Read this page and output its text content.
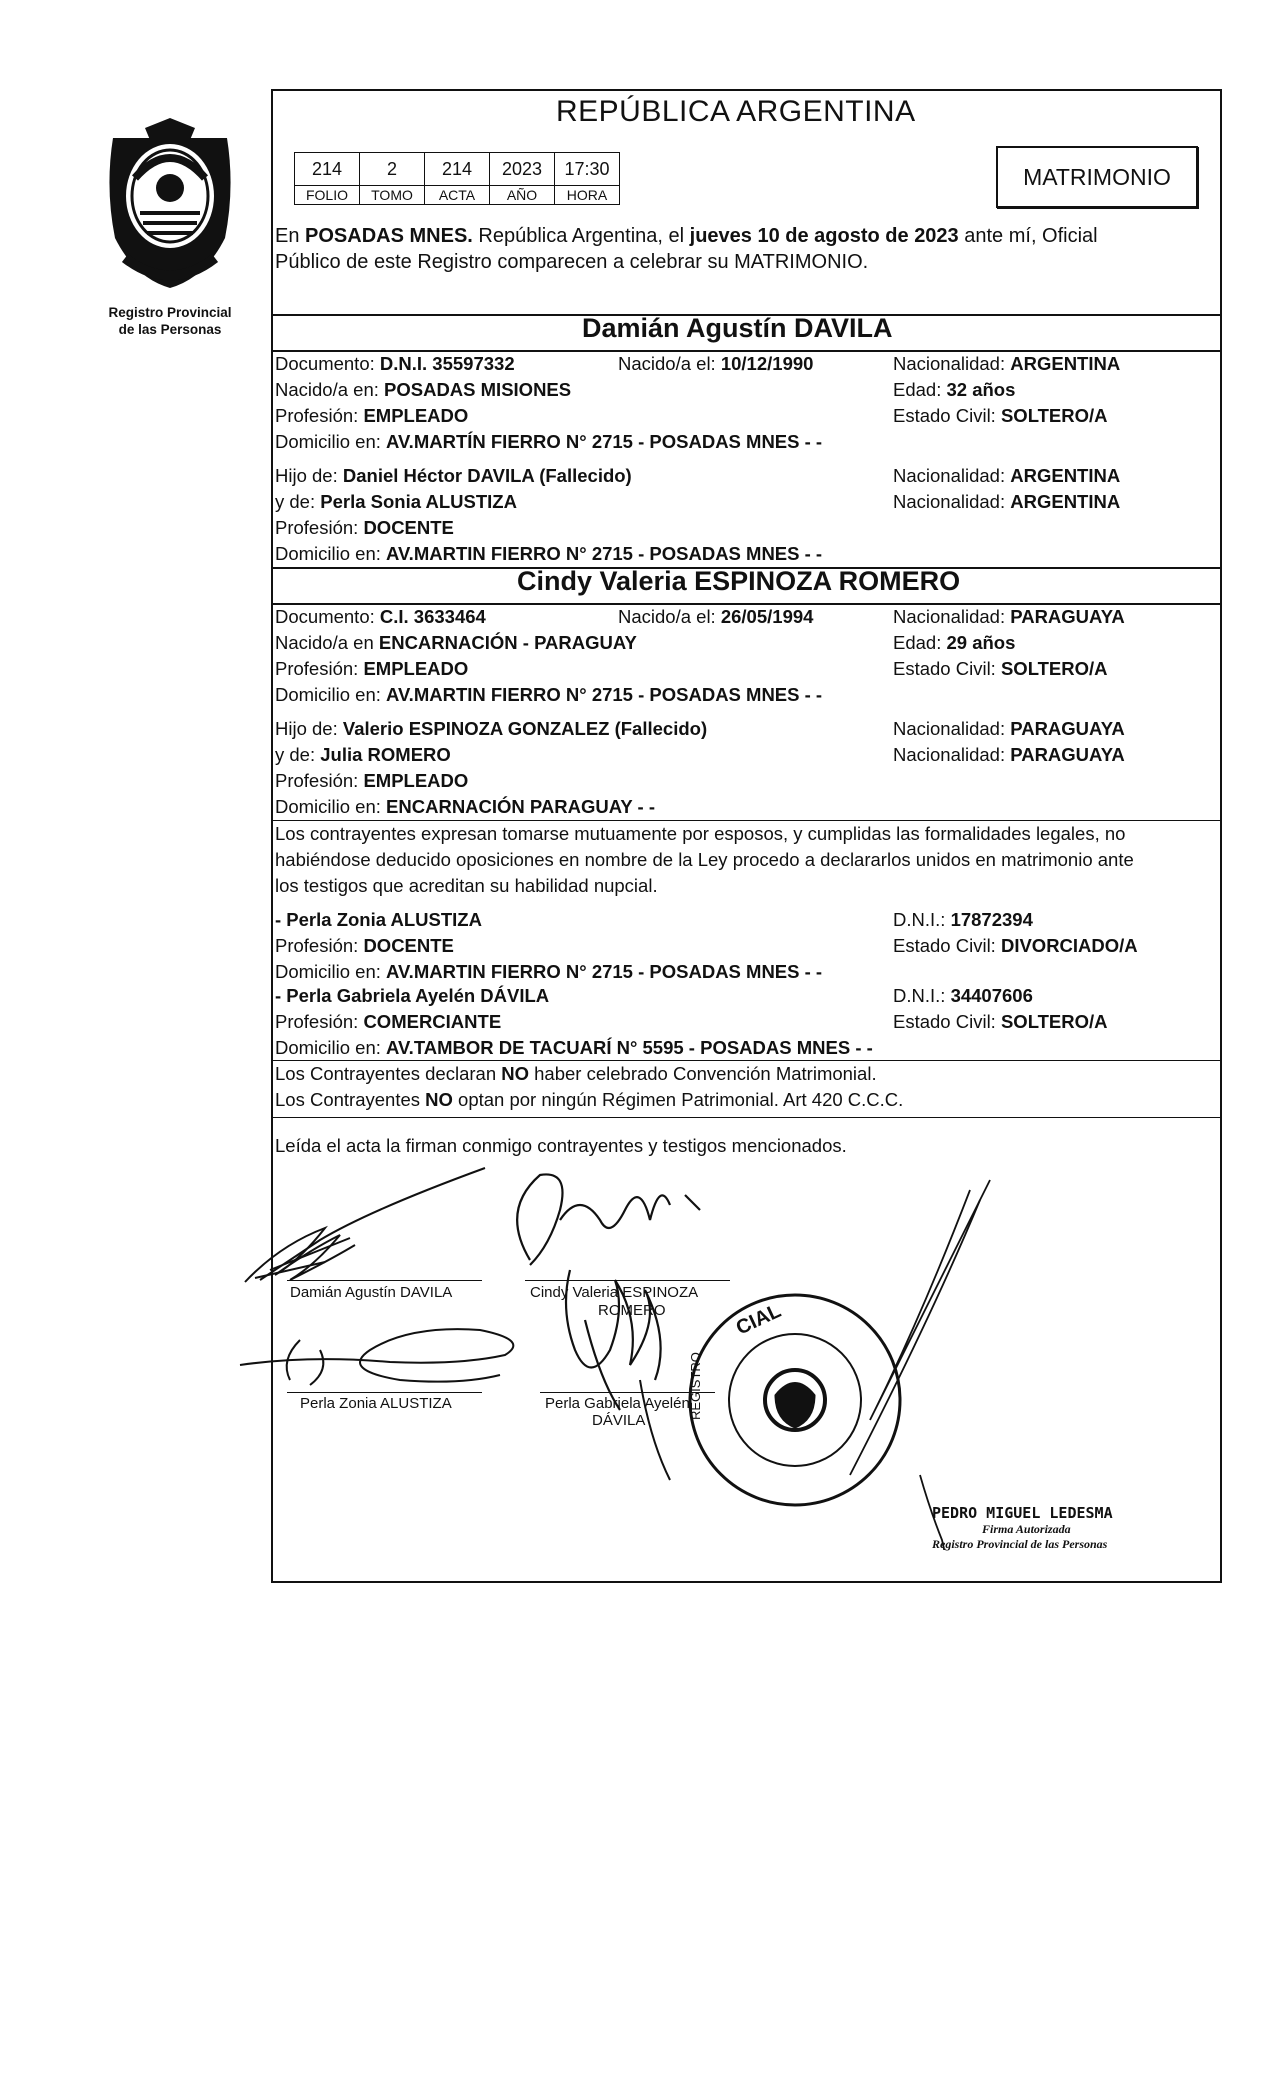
Registro Provincial
de las Personas
REPÚBLICA ARGENTINA
214	2	214	2023	17:30
FOLIO	TOMO	ACTA	AÑO	HORA
MATRIMONIO
En POSADAS MNES. República Argentina, el jueves 10 de agosto de 2023 ante mí, Oficial
Público de este Registro comparecen a celebrar su MATRIMONIO.
Damián Agustín DAVILA
Documento: D.N.I. 35597332	Nacido/a el: 10/12/1990	Nacionalidad: ARGENTINA
Nacido/a en: POSADAS MISIONES	Edad: 32 años
Profesión: EMPLEADO	Estado Civil: SOLTERO/A
Domicilio en: AV.MARTÍN FIERRO N° 2715 - POSADAS MNES - -
Hijo de: Daniel Héctor DAVILA (Fallecido)	Nacionalidad: ARGENTINA
y de: Perla Sonia ALUSTIZA	Nacionalidad: ARGENTINA
Profesión: DOCENTE
Domicilio en: AV.MARTIN FIERRO N° 2715 - POSADAS MNES - -
Cindy Valeria ESPINOZA ROMERO
Documento: C.I. 3633464	Nacido/a el: 26/05/1994	Nacionalidad: PARAGUAYA
Nacido/a en ENCARNACIÓN - PARAGUAY	Edad: 29 años
Profesión: EMPLEADO	Estado Civil: SOLTERO/A
Domicilio en: AV.MARTIN FIERRO N° 2715 - POSADAS MNES - -
Hijo de: Valerio ESPINOZA GONZALEZ (Fallecido)	Nacionalidad: PARAGUAYA
y de: Julia ROMERO	Nacionalidad: PARAGUAYA
Profesión: EMPLEADO
Domicilio en: ENCARNACIÓN PARAGUAY - -
Los contrayentes expresan tomarse mutuamente por esposos, y cumplidas las formalidades legales, no
habiéndose deducido oposiciones en nombre de la Ley procedo a declararlos unidos en matrimonio ante
los testigos que acreditan su habilidad nupcial.
- Perla Zonia ALUSTIZA	D.N.I.: 17872394
Profesión: DOCENTE	Estado Civil: DIVORCIADO/A
Domicilio en: AV.MARTIN FIERRO N° 2715 - POSADAS MNES - -
- Perla Gabriela Ayelén DÁVILA	D.N.I.: 34407606
Profesión: COMERCIANTE	Estado Civil: SOLTERO/A
Domicilio en: AV.TAMBOR DE TACUARÍ N° 5595 - POSADAS MNES - -
Los Contrayentes declaran NO haber celebrado Convención Matrimonial.
Los Contrayentes NO optan por ningún Régimen Patrimonial. Art 420 C.C.C.
Leída el acta la firman conmigo contrayentes y testigos mencionados.
CIAL
REGISTRO
Damián Agustín DAVILA	Cindy Valeria ESPINOZA
ROMERO
Perla Zonia ALUSTIZA	Perla Gabriela Ayelén
DÁVILA
PEDRO MIGUEL LEDESMA
Firma Autorizada
Registro Provincial de las Personas
